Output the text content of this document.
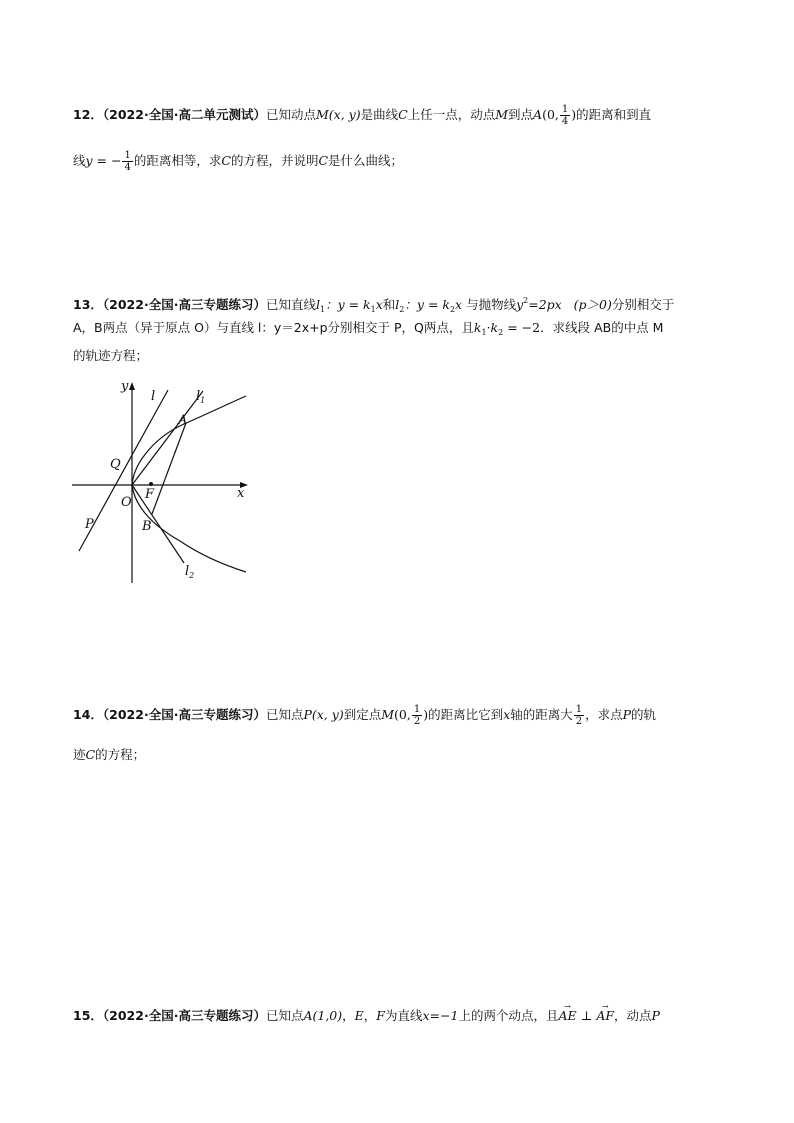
12．（2022·全国·高二单元测试）已知动点M(x, y)是曲线C上任一点，动点M到点A(0, $\frac{1}{4}$ )的距离和到直
线y = − $\frac{1}{4}$ 的距离相等，求C的方程，并说明C是什么曲线；
13．（2022·全国·高三专题练习）已知直线$l_1$：$y = k_1x$和$l_2$：$y = k_2x$ 与抛物线$y^2=2px$ (p＞0)分别相交于
A，B两点（异于原点 O）与直线 l：y＝2x+p分别相交于 P，Q两点，且$k_1\cdot k_2 = -2$．求线段 AB的中点 M
的轨迹方程；
y
x
l	$l_1$
$l_2$
A
B
Q
O
F
P
14．（2022·全国·高三专题练习）已知点P(x, y)到定点M(0, $\frac{1}{2}$ )的距离比它到x轴的距离大 $\frac{1}{2}$ ，求点P的轨
迹C的方程；
15．（2022·全国·高三专题练习）已知点A(1,0)，E，F为直线x=−1上的两个动点，且→ AE ⊥ → AF，动点P
